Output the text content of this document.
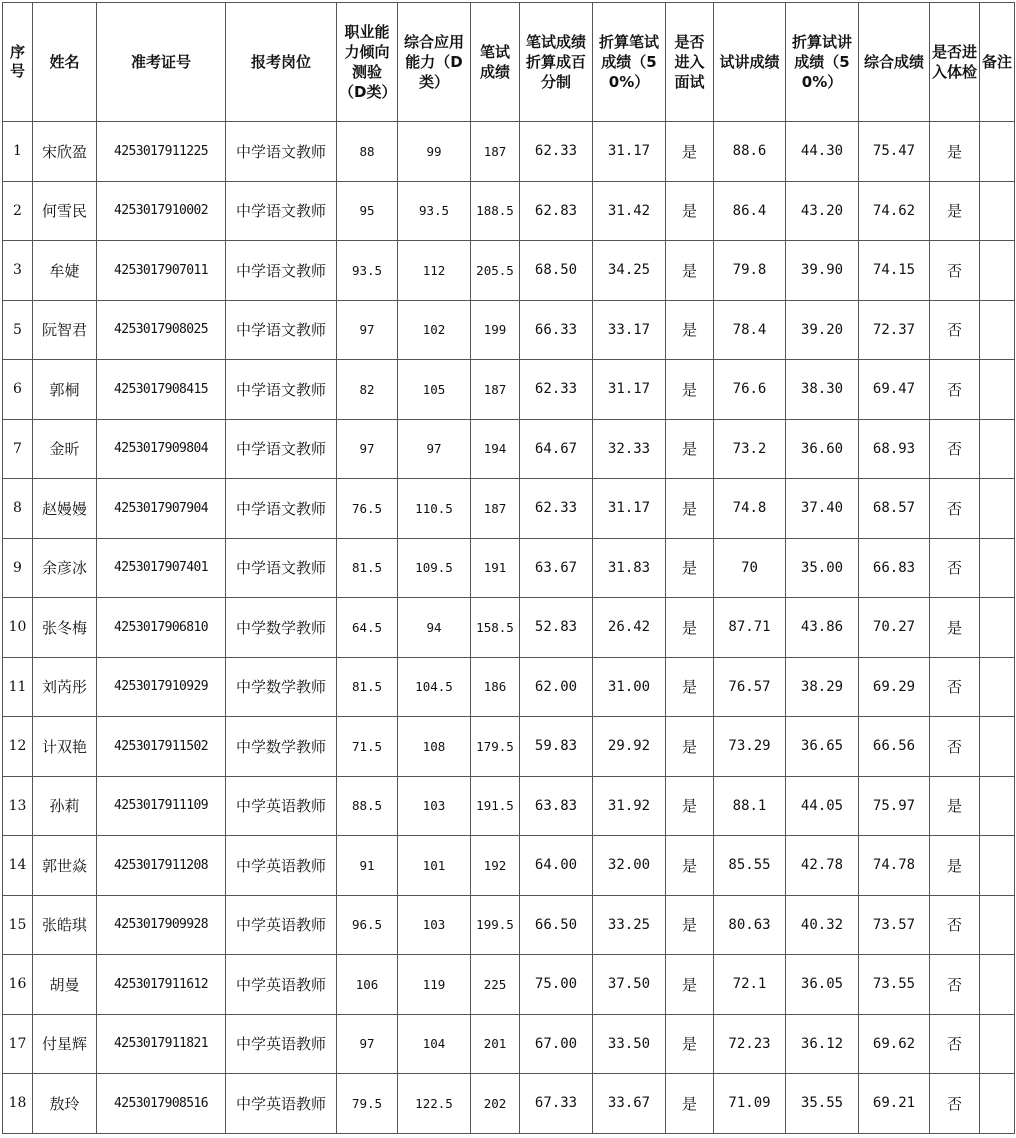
序号	姓名	准考证号	报考岗位	职业能力倾向测验（D类）	综合应用能力（D类）	笔试成绩	笔试成绩折算成百分制	折算笔试成绩（50%）	是否进入面试	试讲成绩	折算试讲成绩（50%）	综合成绩	是否进入体检	备注
1	宋欣盈	4253017911225	中学语文教师	88	99	187	62.33	31.17	是	88.6	44.30	75.47	是	
2	何雪民	4253017910002	中学语文教师	95	93.5	188.5	62.83	31.42	是	86.4	43.20	74.62	是	
3	牟婕	4253017907011	中学语文教师	93.5	112	205.5	68.50	34.25	是	79.8	39.90	74.15	否	
5	阮智君	4253017908025	中学语文教师	97	102	199	66.33	33.17	是	78.4	39.20	72.37	否	
6	郭桐	4253017908415	中学语文教师	82	105	187	62.33	31.17	是	76.6	38.30	69.47	否	
7	金昕	4253017909804	中学语文教师	97	97	194	64.67	32.33	是	73.2	36.60	68.93	否	
8	赵嫚嫚	4253017907904	中学语文教师	76.5	110.5	187	62.33	31.17	是	74.8	37.40	68.57	否	
9	余彦冰	4253017907401	中学语文教师	81.5	109.5	191	63.67	31.83	是	70	35.00	66.83	否	
10	张冬梅	4253017906810	中学数学教师	64.5	94	158.5	52.83	26.42	是	87.71	43.86	70.27	是	
11	刘芮彤	4253017910929	中学数学教师	81.5	104.5	186	62.00	31.00	是	76.57	38.29	69.29	否	
12	计双艳	4253017911502	中学数学教师	71.5	108	179.5	59.83	29.92	是	73.29	36.65	66.56	否	
13	孙莉	4253017911109	中学英语教师	88.5	103	191.5	63.83	31.92	是	88.1	44.05	75.97	是	
14	郭世焱	4253017911208	中学英语教师	91	101	192	64.00	32.00	是	85.55	42.78	74.78	是	
15	张皓琪	4253017909928	中学英语教师	96.5	103	199.5	66.50	33.25	是	80.63	40.32	73.57	否	
16	胡曼	4253017911612	中学英语教师	106	119	225	75.00	37.50	是	72.1	36.05	73.55	否	
17	付星辉	4253017911821	中学英语教师	97	104	201	67.00	33.50	是	72.23	36.12	69.62	否	
18	敖玲	4253017908516	中学英语教师	79.5	122.5	202	67.33	33.67	是	71.09	35.55	69.21	否	
